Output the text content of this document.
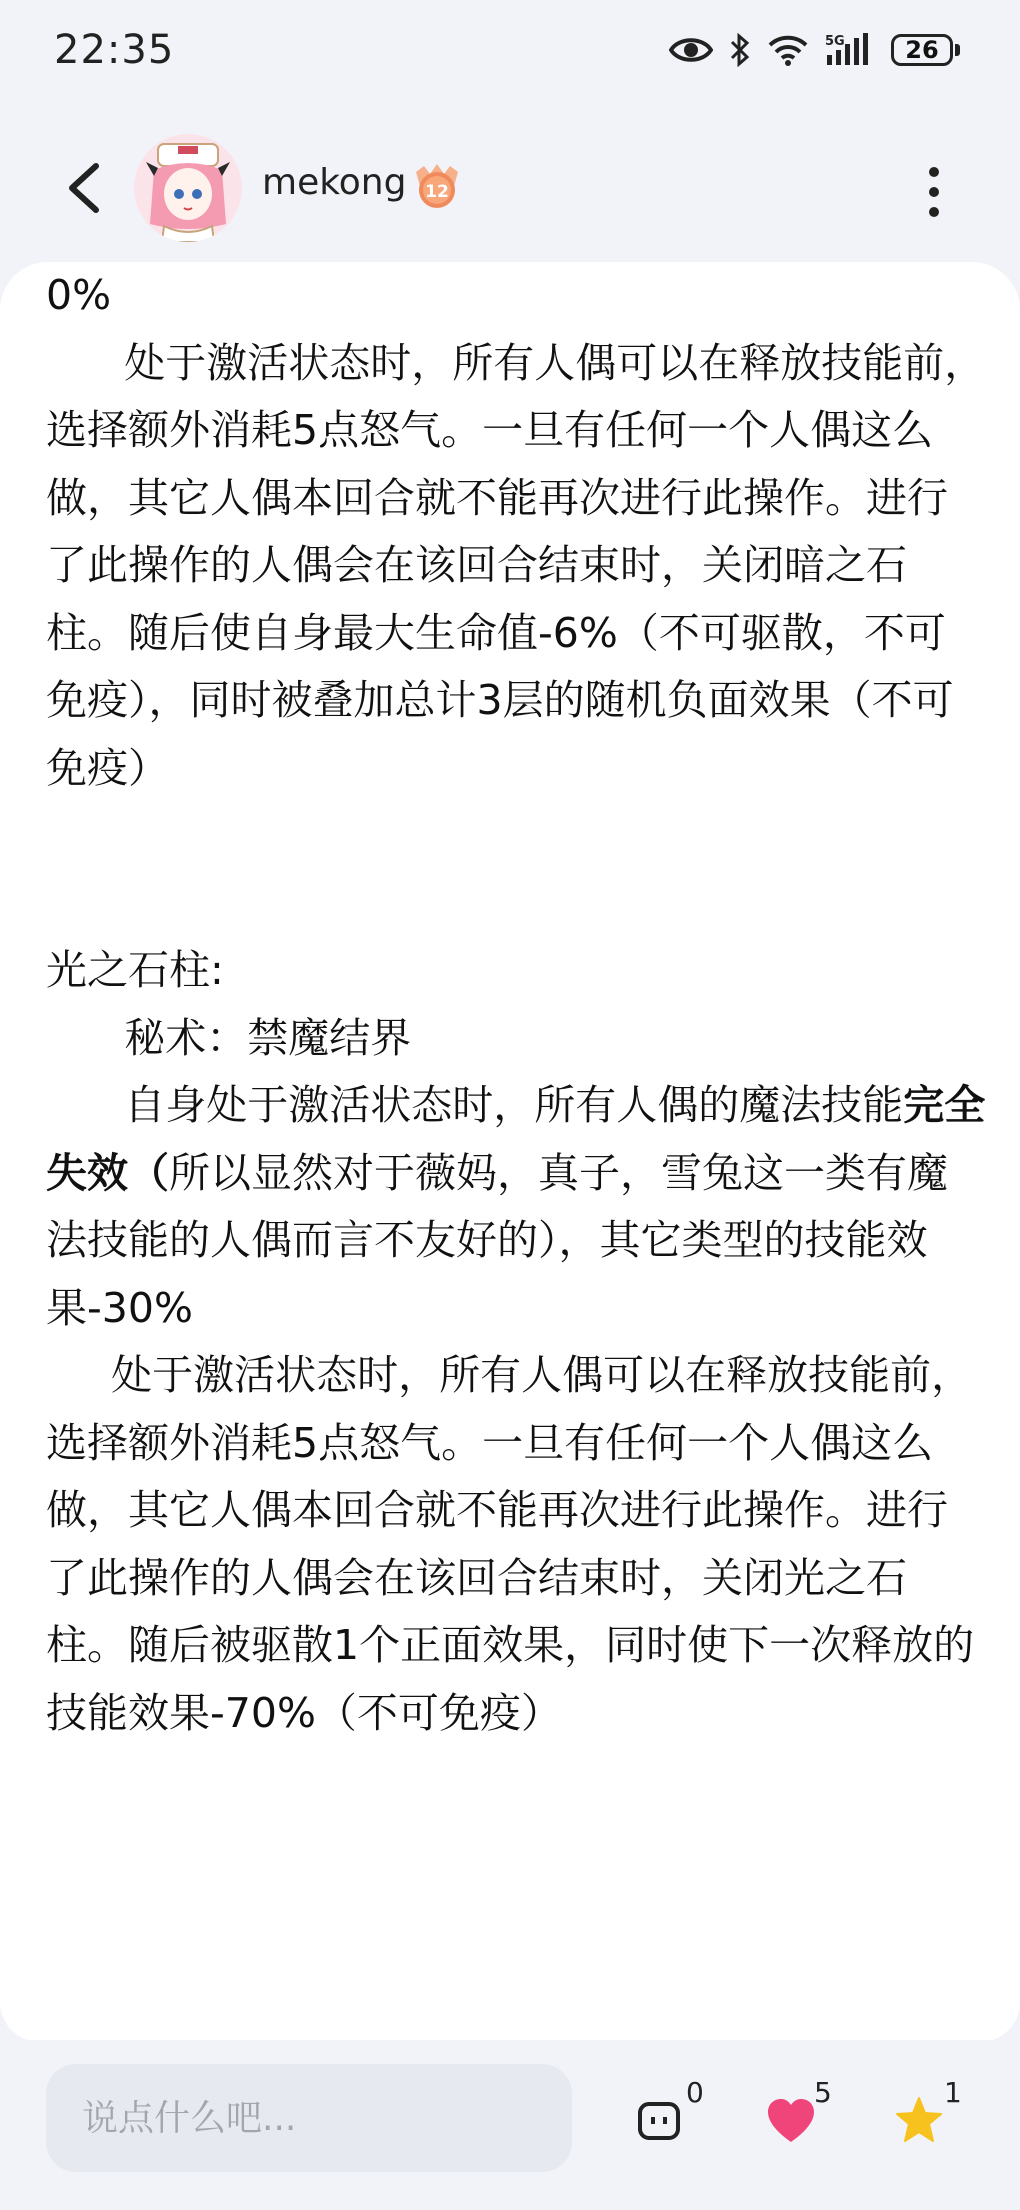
22:35	5G	26
mekong 12

0%

处于激活状态时，所有人偶可以在释放技能前，选择额外消耗5点怒气。一旦有任何一个人偶这么做，其它人偶本回合就不能再次进行此操作。进行了此操作的人偶会在该回合结束时，关闭暗之石柱。随后使自身最大生命值-6%（不可驱散，不可免疫），同时被叠加总计3层的随机负面效果（不可免疫）

光之石柱:

秘术：禁魔结界

自身处于激活状态时，所有人偶的魔法技能完全失效（所以显然对于薇妈，真子，雪兔这一类有魔法技能的人偶而言不友好的），其它类型的技能效果-30%

处于激活状态时，所有人偶可以在释放技能前，选择额外消耗5点怒气。一旦有任何一个人偶这么做，其它人偶本回合就不能再次进行此操作。进行了此操作的人偶会在该回合结束时，关闭光之石柱。随后被驱散1个正面效果，同时使下一次释放的技能效果-70%（不可免疫）

说点什么吧...
0	5	1
